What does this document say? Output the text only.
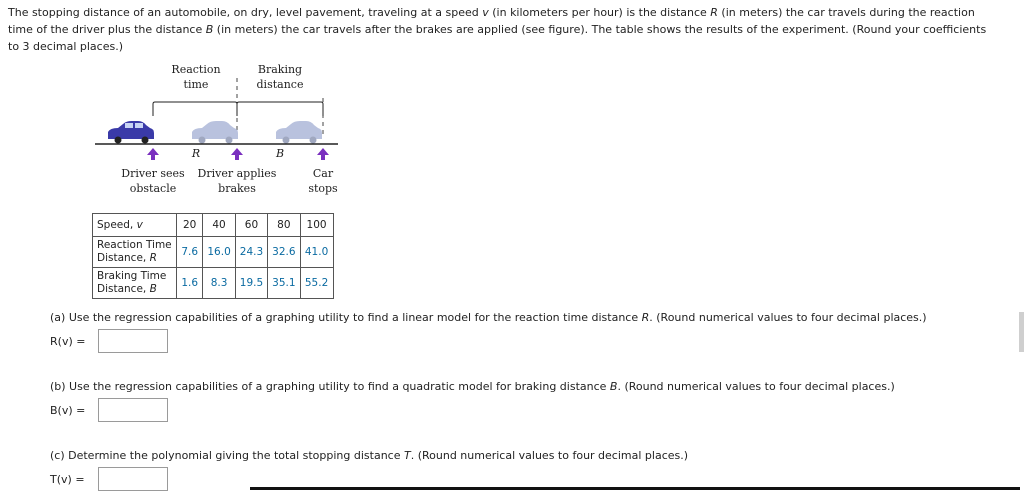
The stopping distance of an automobile, on dry, level pavement, traveling at a speed v (in kilometers per hour) is the distance R (in meters) the car travels during the reaction time of the driver plus the distance B (in meters) the car travels after the brakes are applied (see figure). The table shows the results of the experiment. (Round your coefficients to 3 decimal places.)

Reaction
time
Braking
distance
R	B
Driver sees
obstacle
Driver applies
brakes
Car
stops
Speed, v	20	40	60	80	100
Reaction Time
Distance, R	7.6	16.0	24.3	32.6	41.0
Braking Time
Distance, B	1.6	8.3	19.5	35.1	55.2

(a) Use the regression capabilities of a graphing utility to find a linear model for the reaction time distance R. (Round numerical values to four decimal places.)

R(v) =

(b) Use the regression capabilities of a graphing utility to find a quadratic model for braking distance B. (Round numerical values to four decimal places.)

B(v) =

(c) Determine the polynomial giving the total stopping distance T. (Round numerical values to four decimal places.)

T(v) =
